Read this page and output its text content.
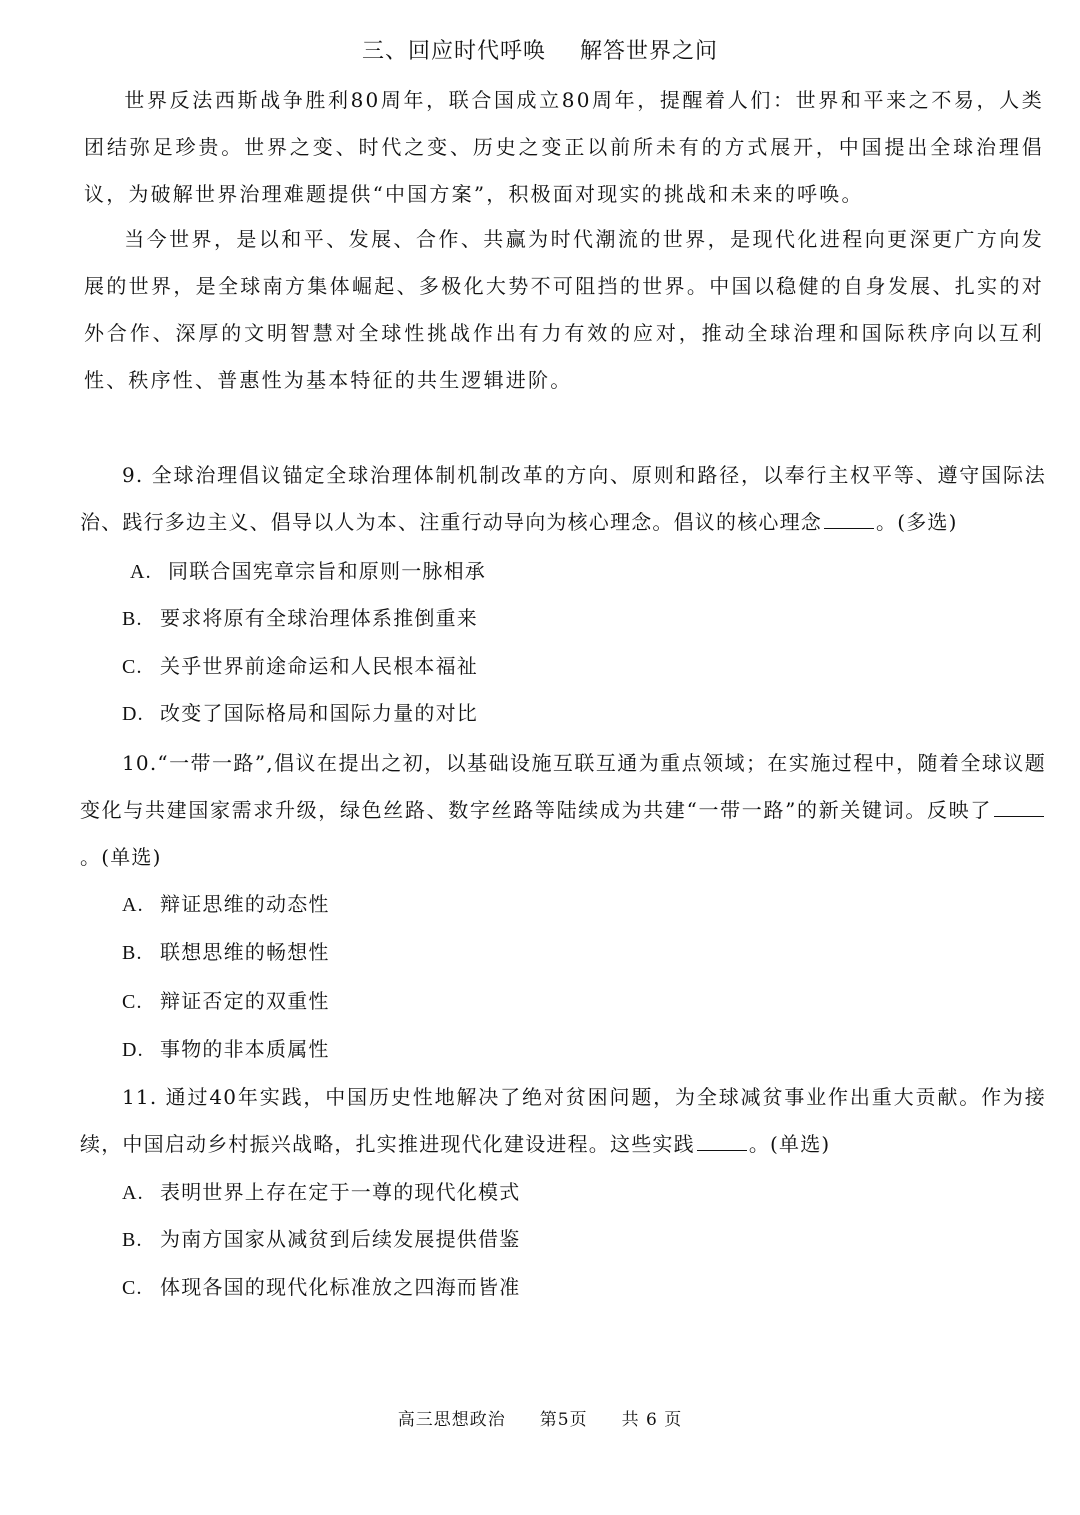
三、回应时代呼唤 解答世界之问
世界反法西斯战争胜利80周年，联合国成立80周年，提醒着人们：世界和平来之不易，人类团结弥足珍贵。世界之变、时代之变、历史之变正以前所未有的方式展开，中国提出全球治理倡议，为破解世界治理难题提供“中国方案”，积极面对现实的挑战和未来的呼唤。
当今世界，是以和平、发展、合作、共赢为时代潮流的世界，是现代化进程向更深更广方向发展的世界，是全球南方集体崛起、多极化大势不可阻挡的世界。中国以稳健的自身发展、扎实的对外合作、深厚的文明智慧对全球性挑战作出有力有效的应对，推动全球治理和国际秩序向以互利性、秩序性、普惠性为基本特征的共生逻辑进阶。
9. 全球治理倡议锚定全球治理体制机制改革的方向、原则和路径，以奉行主权平等、遵守国际法治、践行多边主义、倡导以人为本、注重行动导向为核心理念。倡议的核心理念	。(多选)
A. 同联合国宪章宗旨和原则一脉相承
B. 要求将原有全球治理体系推倒重来
C. 关乎世界前途命运和人民根本福祉
D. 改变了国际格局和国际力量的对比
10.“一带一路”,倡议在提出之初，以基础设施互联互通为重点领域；在实施过程中，随着全球议题变化与共建国家需求升级，绿色丝路、数字丝路等陆续成为共建“一带一路”的新关键词。反映了。(单选)
A. 辩证思维的动态性
B. 联想思维的畅想性
C. 辩证否定的双重性
D. 事物的非本质属性
11. 通过40年实践，中国历史性地解决了绝对贫困问题，为全球减贫事业作出重大贡献。作为接续，中国启动乡村振兴战略，扎实推进现代化建设进程。这些实践	。(单选)
A. 表明世界上存在定于一尊的现代化模式
B. 为南方国家从减贫到后续发展提供借鉴
C. 体现各国的现代化标准放之四海而皆准
高三思想政治 第5页 共 6 页
